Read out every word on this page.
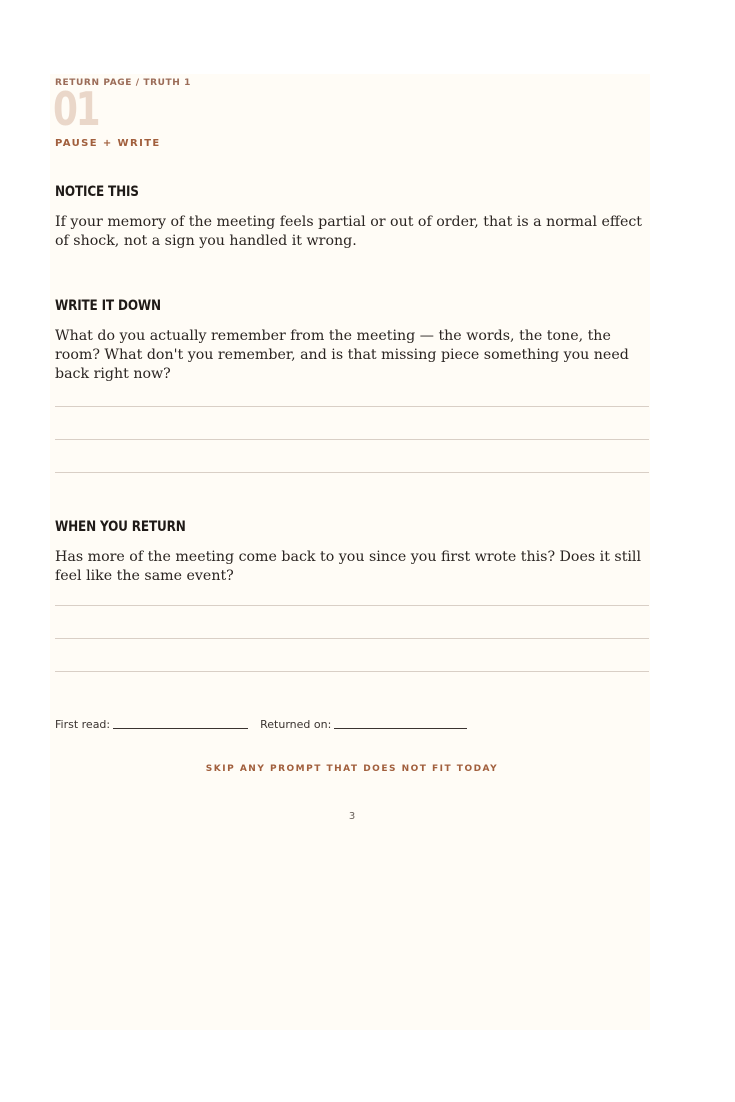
RETURN PAGE / TRUTH 1
01
PAUSE + WRITE
NOTICE THIS
If your memory of the meeting feels partial or out of order, that is a normal effect of shock, not a sign you handled it wrong.
WRITE IT DOWN
What do you actually remember from the meeting — the words, the tone, the room? What don't you remember, and is that missing piece something you need back right now?
WHEN YOU RETURN
Has more of the meeting come back to you since you first wrote this? Does it still feel like the same event?
First read:	Returned on:
SKIP ANY PROMPT THAT DOES NOT FIT TODAY
3
